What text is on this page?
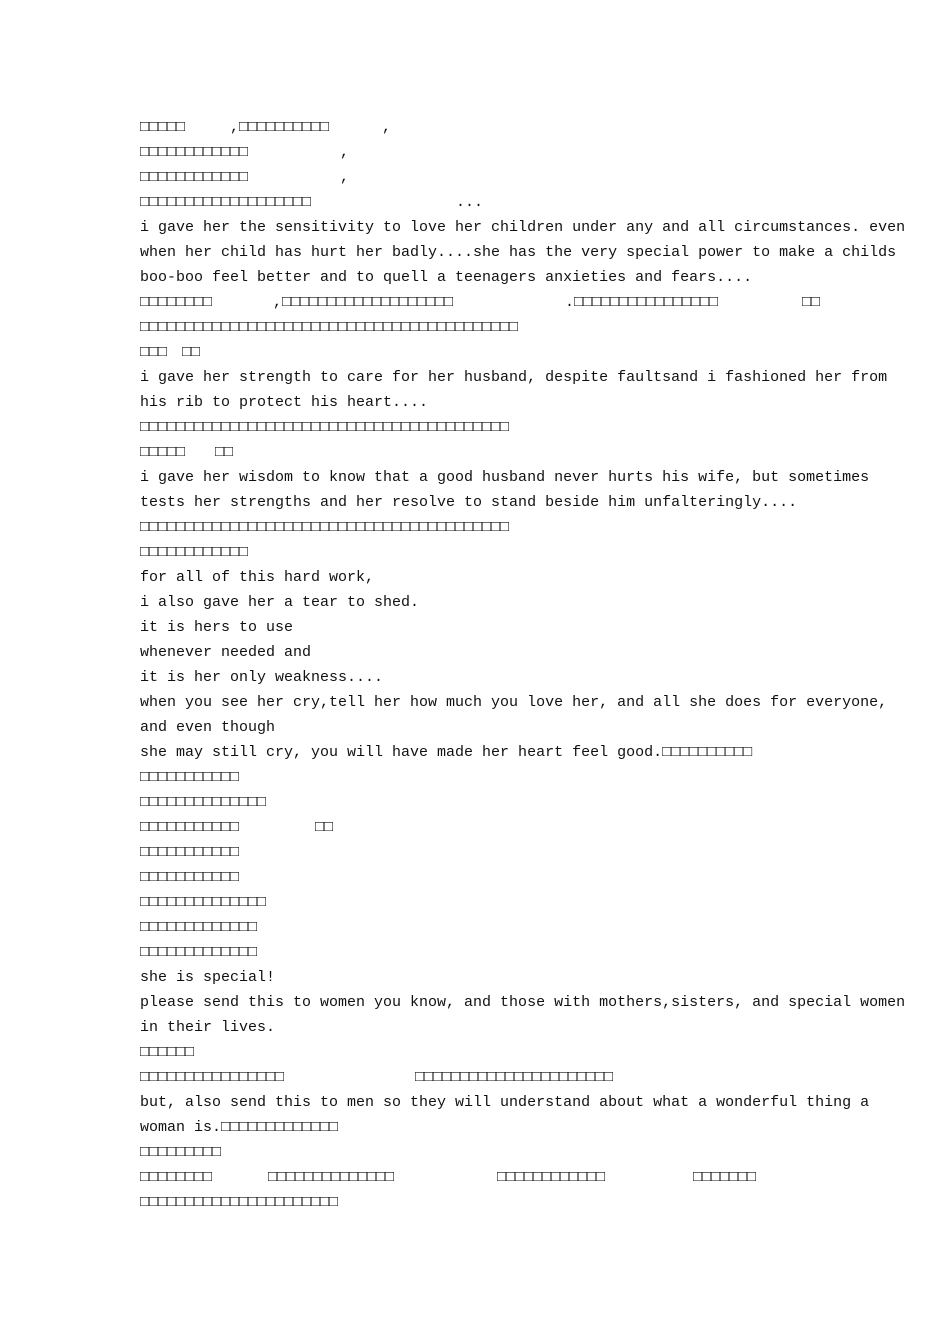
□□□□□

	,□□□□□□□□□□

	,

□□□□□□□□□□□□

	,

□□□□□□□□□□□□

	,

□□□□□□□□□□□□□□□□□□□

	...

i gave her the sensitivity to love her children under any and all circumstances. even

when her child has hurt her badly....she has the very special power to make a childs

boo-boo feel better and to quell a teenagers anxieties and fears....

□□□□□□□□

	,□□□□□□□□□□□□□□□□□□□

	.□□□□□□□□□□□□□□□□

	□□

□□□□□□□□□□□□□□□□□□□□□□□□□□□□□□□□□□□□□□□□□□

□□□

□□

i gave her strength to care for her husband, despite faultsand i fashioned her from

his rib to protect his heart....

□□□□□□□□□□□□□□□□□□□□□□□□□□□□□□□□□□□□□□□□□

□□□□□

□□

i gave her wisdom to know that a good husband never hurts his wife, but sometimes

tests her strengths and her resolve to stand beside him unfalteringly....

□□□□□□□□□□□□□□□□□□□□□□□□□□□□□□□□□□□□□□□□□

□□□□□□□□□□□□

for all of this hard work,

i also gave her a tear to shed.

it is hers to use

whenever needed and

it is her only weakness....

when you see her cry,tell her how much you love her, and all she does for everyone,

and even though

she may still cry, you will have made her heart feel good.□□□□□□□□□□

□□□□□□□□□□□

□□□□□□□□□□□□□□

□□□□□□□□□□□

	□□

□□□□□□□□□□□

□□□□□□□□□□□

□□□□□□□□□□□□□□

□□□□□□□□□□□□□

□□□□□□□□□□□□□

she is special!

please send this to women you know, and those with mothers,sisters, and special women

in their lives.

□□□□□□

□□□□□□□□□□□□□□□□

	□□□□□□□□□□□□□□□□□□□□□□

but, also send this to men so they will understand about what a wonderful thing a

woman is.□□□□□□□□□□□□□

□□□□□□□□□

□□□□□□□□

	□□□□□□□□□□□□□□

	□□□□□□□□□□□□

	□□□□□□□

□□□□□□□□□□□□□□□□□□□□□□
